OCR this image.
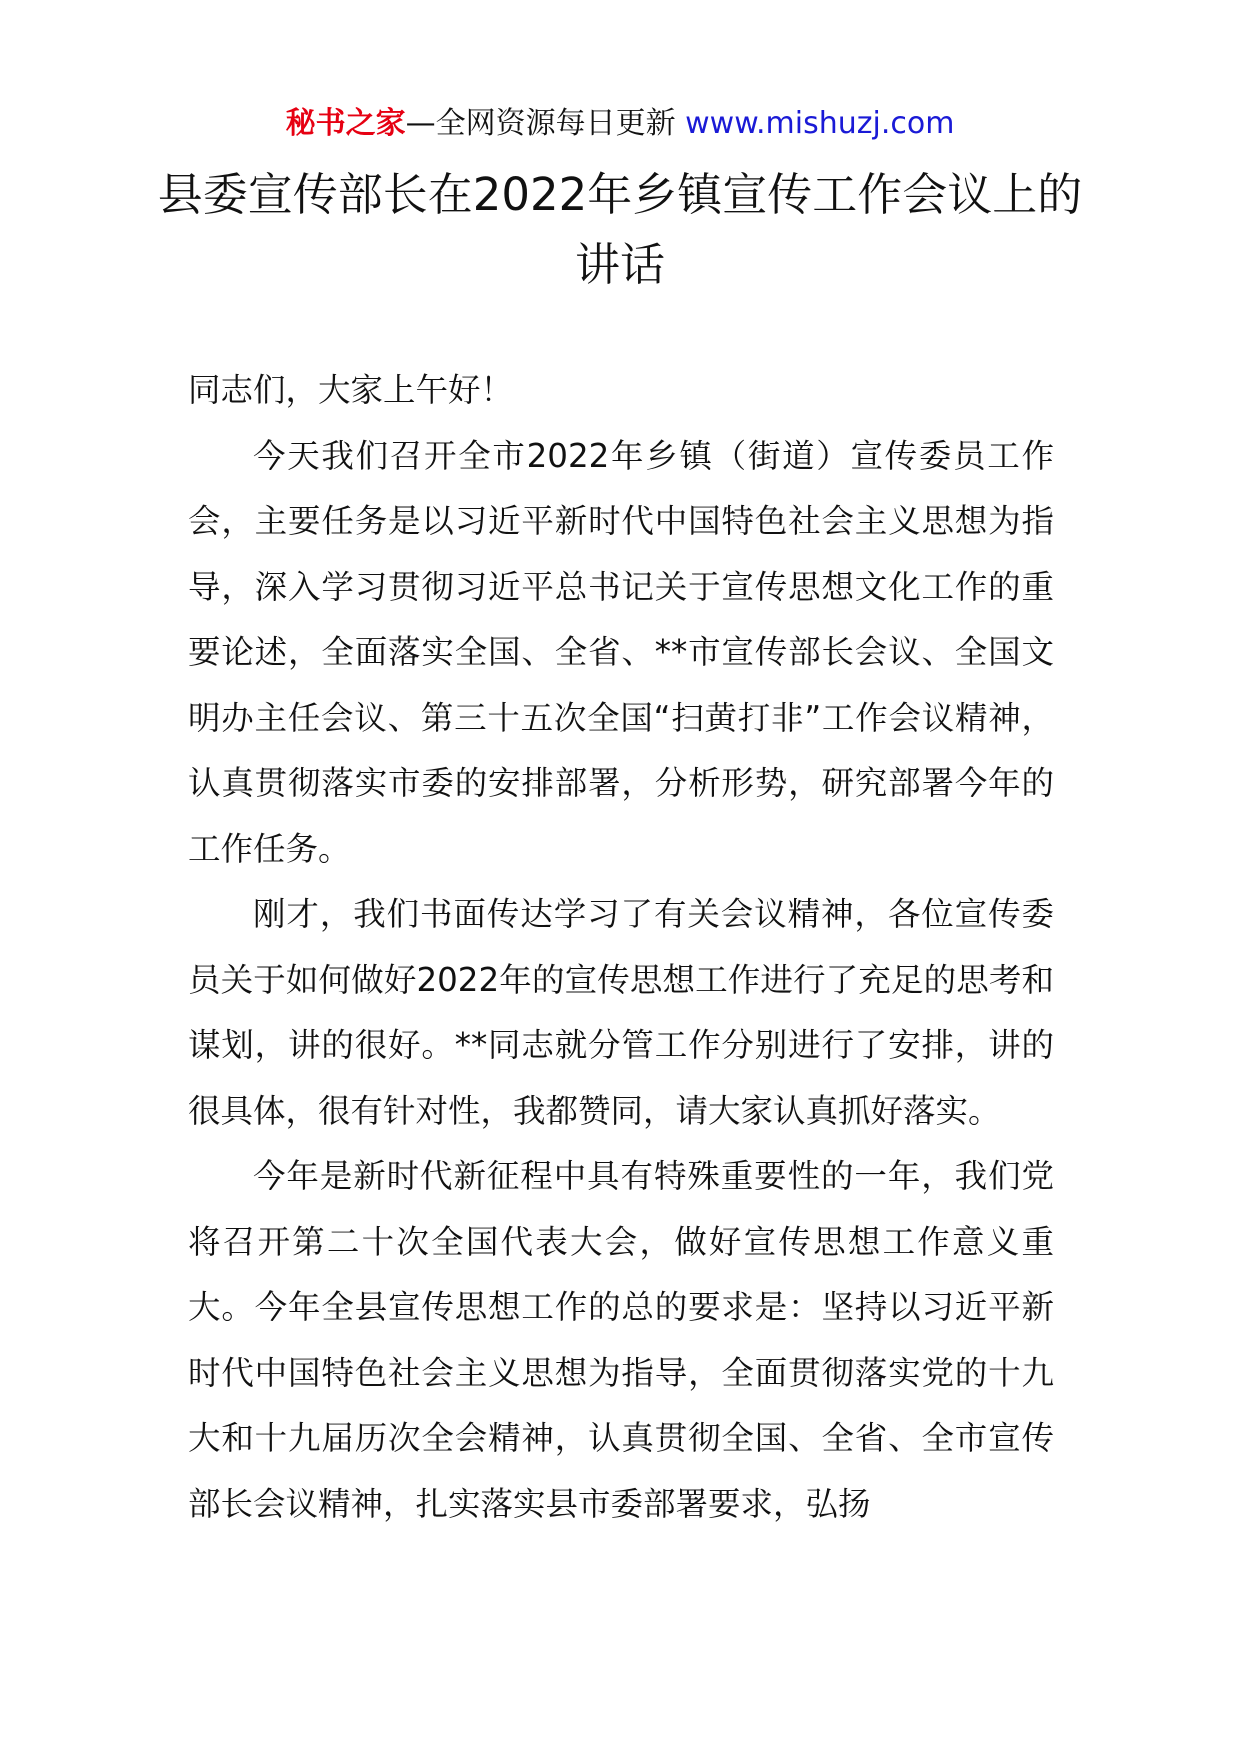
秘书之家—全网资源每日更新 www.mishuzj.com
县委宣传部长在2022年乡镇宣传工作会议上的讲话

同志们，大家上午好！

今天我们召开全市2022年乡镇（街道）宣传委员工作会，主要任务是以习近平新时代中国特色社会主义思想为指导，深入学习贯彻习近平总书记关于宣传思想文化工作的重要论述，全面落实全国、全省、**市宣传部长会议、全国文明办主任会议、第三十五次全国“扫黄打非”工作会议精神，认真贯彻落实市委的安排部署，分析形势，研究部署今年的工作任务。

刚才，我们书面传达学习了有关会议精神，各位宣传委员关于如何做好2022年的宣传思想工作进行了充足的思考和谋划，讲的很好。**同志就分管工作分别进行了安排，讲的很具体，很有针对性，我都赞同，请大家认真抓好落实。

今年是新时代新征程中具有特殊重要性的一年，我们党将召开第二十次全国代表大会，做好宣传思想工作意义重大。今年全县宣传思想工作的总的要求是：坚持以习近平新时代中国特色社会主义思想为指导，全面贯彻落实党的十九大和十九届历次全会精神，认真贯彻全国、全省、全市宣传部长会议精神，扎实落实县市委部署要求，弘扬
